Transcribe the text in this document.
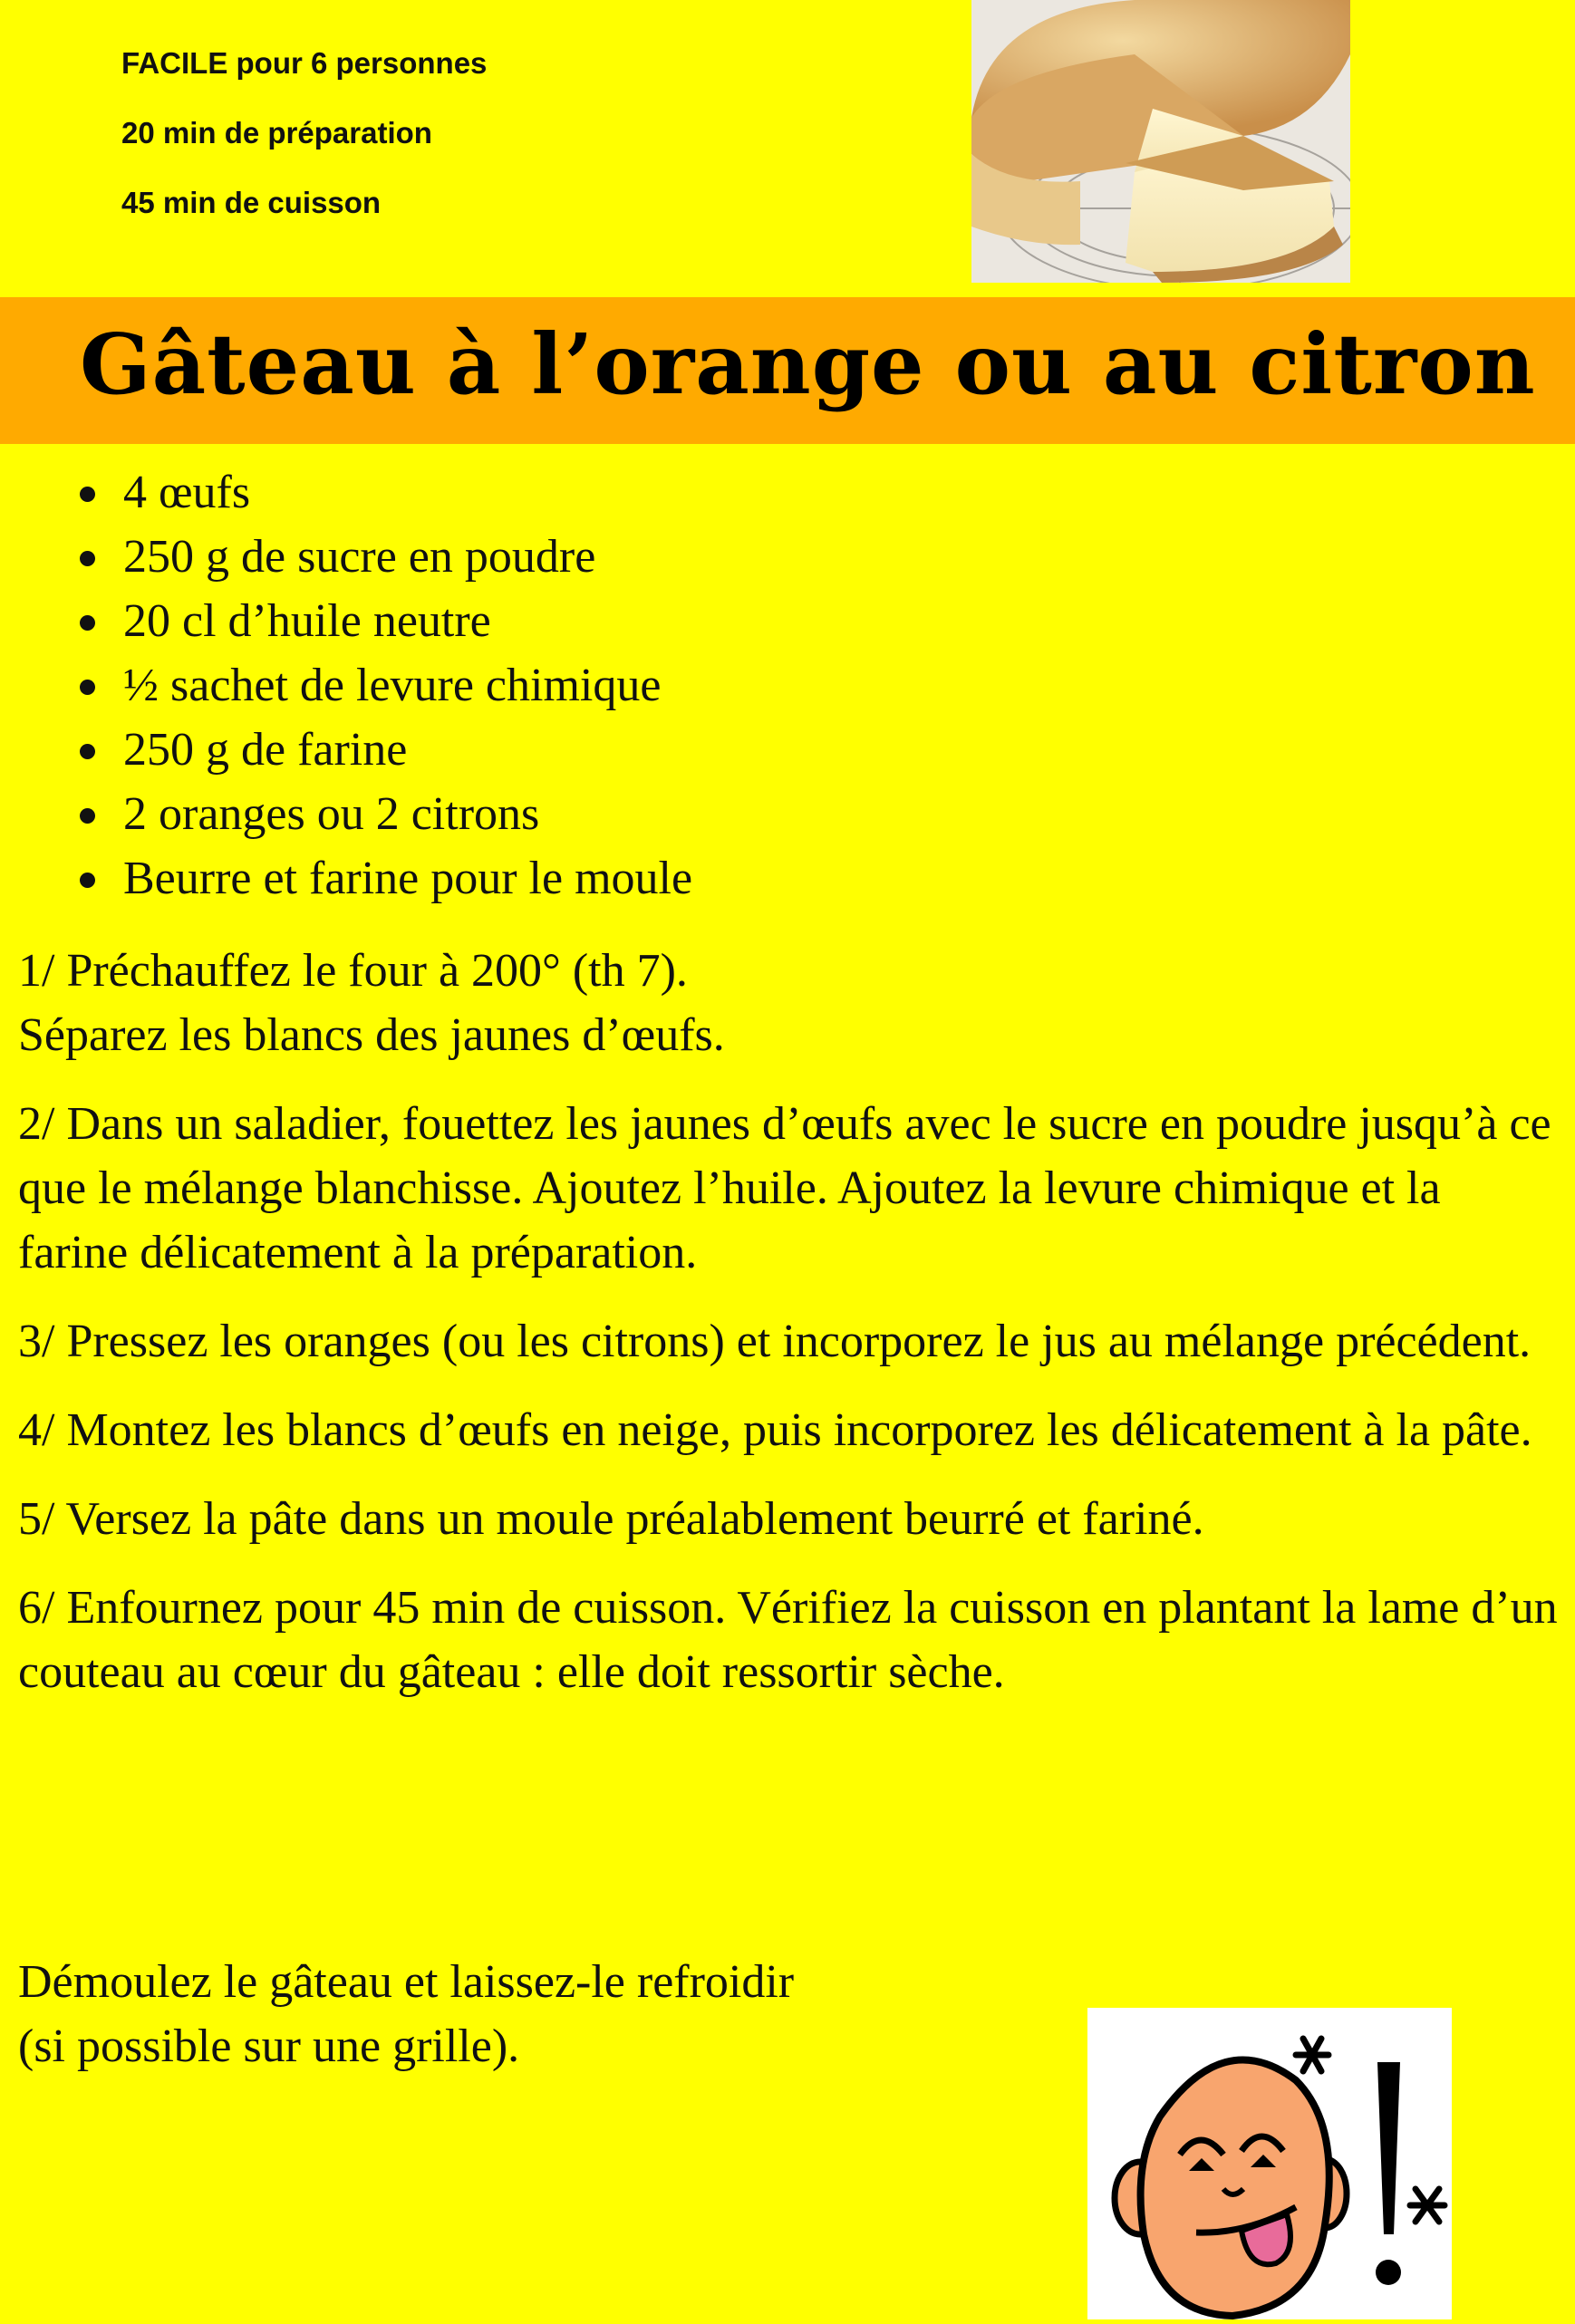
FACILE pour 6 personnes
20 min de préparation
45 min de cuisson
Gâteau à l’orange ou au citron
4 œufs
250 g de sucre en poudre
20 cl d’huile neutre
½ sachet de levure chimique
250 g de farine
2 oranges ou 2 citrons
Beurre et farine pour le moule

1/ Préchauffez le four à 200° (th 7).
Séparez les blancs des jaunes d’œufs.

2/ Dans un saladier, fouettez les jaunes d’œufs avec le sucre en poudre jusqu’à ce que le mélange blanchisse. Ajoutez l’huile. Ajoutez la levure chimique et la farine délicatement à la préparation.

3/ Pressez les oranges (ou les citrons) et incorporez le jus au mélange précédent.

4/ Montez les blancs d’œufs en neige, puis incorporez les délicatement à la pâte.

5/ Versez la pâte dans un moule préalablement beurré et fariné.

6/ Enfournez pour 45 min de cuisson. Vérifiez la cuisson en plantant la lame d’un couteau au cœur du gâteau : elle doit ressortir sèche.

Démoulez le gâteau et laissez-le refroidir

(si possible sur une grille).
